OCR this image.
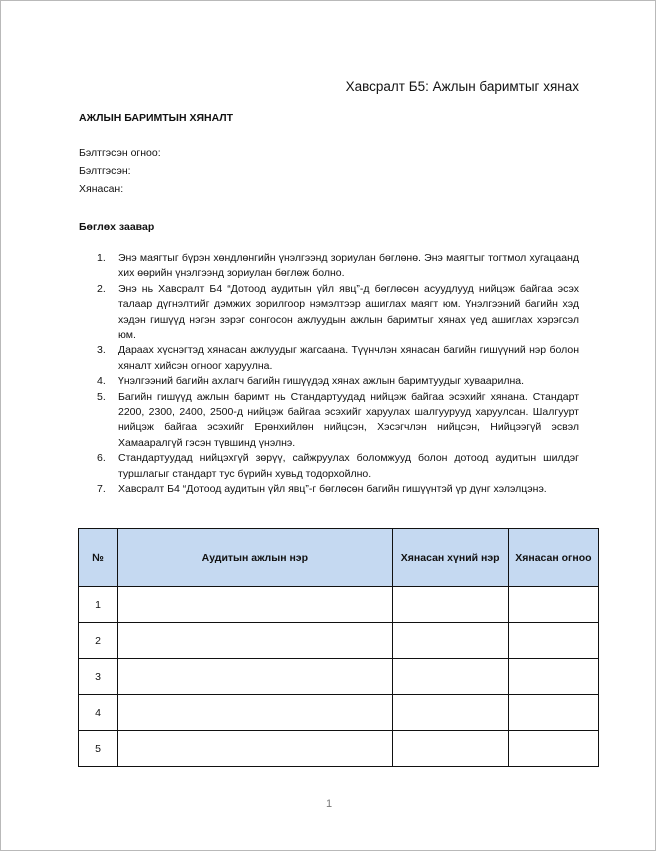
Хавсралт Б5: Ажлын баримтыг хянах
АЖЛЫН БАРИМТЫН ХЯНАЛТ
Бэлтгэсэн огноо:
Бэлтгэсэн:
Хянасан:
Бөглөх заавар
1.	Энэ маягтыг бүрэн хөндлөнгийн үнэлгээнд зориулан бөглөнө. Энэ маягтыг тогтмол хугацаанд хих өөрийн үнэлгээнд зориулан бөглөж болно.
2.	Энэ нь Хавсралт Б4 “Дотоод аудитын үйл явц”-д бөглөсөн асуудлууд нийцэж байгаа эсэх талаар дүгнэлтийг дэмжих зорилгоор нэмэлтээр ашиглах маягт юм. Үнэлгээний багийн хэд хэдэн гишүүд нэгэн зэрэг сонгосон ажлуудын ажлын баримтыг хянах үед ашиглах хэрэгсэл юм.
3.	Дараах хүснэгтэд хянасан ажлуудыг жагсаана. Түүнчлэн хянасан багийн гишүүний нэр болон хяналт хийсэн огноог харуулна.
4.	Үнэлгээний багийн ахлагч багийн гишүүдэд хянах ажлын баримтуудыг хуваарилна.
5.	Багийн гишүүд ажлын баримт нь Стандартуудад нийцэж байгаа эсэхийг хянана. Стандарт 2200, 2300, 2400, 2500-д нийцэж байгаа эсэхийг харуулах шалгуурууд харуулсан. Шалгуурт нийцэж байгаа эсэхийг Ерөнхийлөн нийцсэн, Хэсэгчлэн нийцсэн, Нийцээгүй эсвэл Хамааралгүй гэсэн түвшинд үнэлнэ.
6.	Стандартуудад нийцэхгүй зөрүү, сайжруулах боломжууд болон дотоод аудитын шилдэг туршлагыг стандарт тус бүрийн хувьд тодорхойлно.
7.	Хавсралт Б4 “Дотоод аудитын үйл явц”-г бөглөсөн багийн гишүүнтэй үр дүнг хэлэлцэнэ.
№	Аудитын ажлын нэр	Хянасан хүний нэр	Хянасан огноо
1			
2			
3			
4			
5			
1
